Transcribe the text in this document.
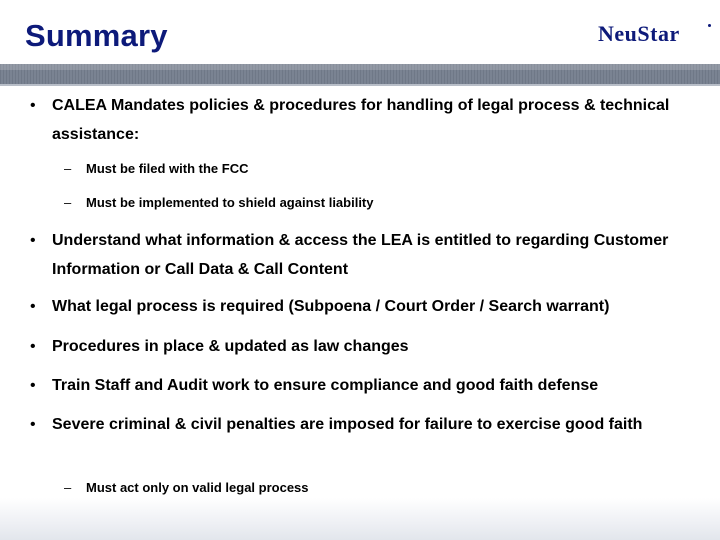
Summary	NeuStar
• CALEA Mandates policies & procedures for handling of legal process & technical assistance:
– Must be filed with the FCC
– Must be implemented to shield against liability
• Understand what information & access the LEA is entitled to regarding Customer Information or Call Data & Call Content
• What legal process is required (Subpoena / Court Order / Search warrant)
• Procedures in place & updated as law changes
• Train Staff and Audit work to ensure compliance and good faith defense
• Severe criminal & civil penalties are imposed for failure to exercise good faith
– Must act only on valid legal process
